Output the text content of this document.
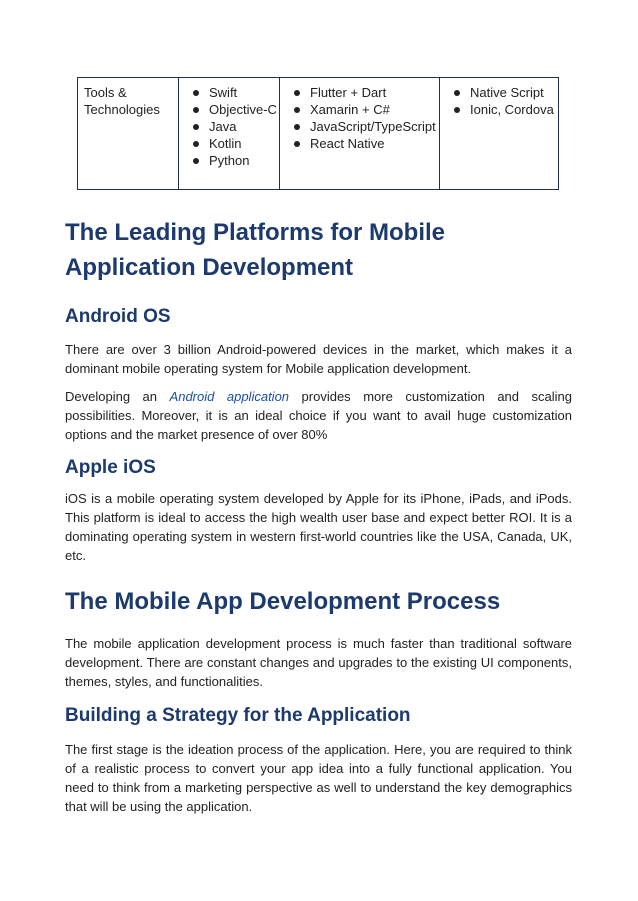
Tools & Technologies
Swift
Objective-C
Java
Kotlin
Python
Flutter + Dart
Xamarin + C#
JavaScript/TypeScript
React Native
Native Script
Ionic, Cordova
The Leading Platforms for Mobile Application Development
Android OS

There are over 3 billion Android-powered devices in the market, which makes it a dominant mobile operating system for Mobile application development.

Developing an Android application provides more customization and scaling possibilities. Moreover, it is an ideal choice if you want to avail huge customization options and the market presence of over 80%

Apple iOS

iOS is a mobile operating system developed by Apple for its iPhone, iPads, and iPods. This platform is ideal to access the high wealth user base and expect better ROI. It is a dominating operating system in western first-world countries like the USA, Canada, UK, etc.

The Mobile App Development Process

The mobile application development process is much faster than traditional software development. There are constant changes and upgrades to the existing UI components, themes, styles, and functionalities.

Building a Strategy for the Application

The first stage is the ideation process of the application. Here, you are required to think of a realistic process to convert your app idea into a fully functional application. You need to think from a marketing perspective as well to understand the key demographics that will be using the application.
